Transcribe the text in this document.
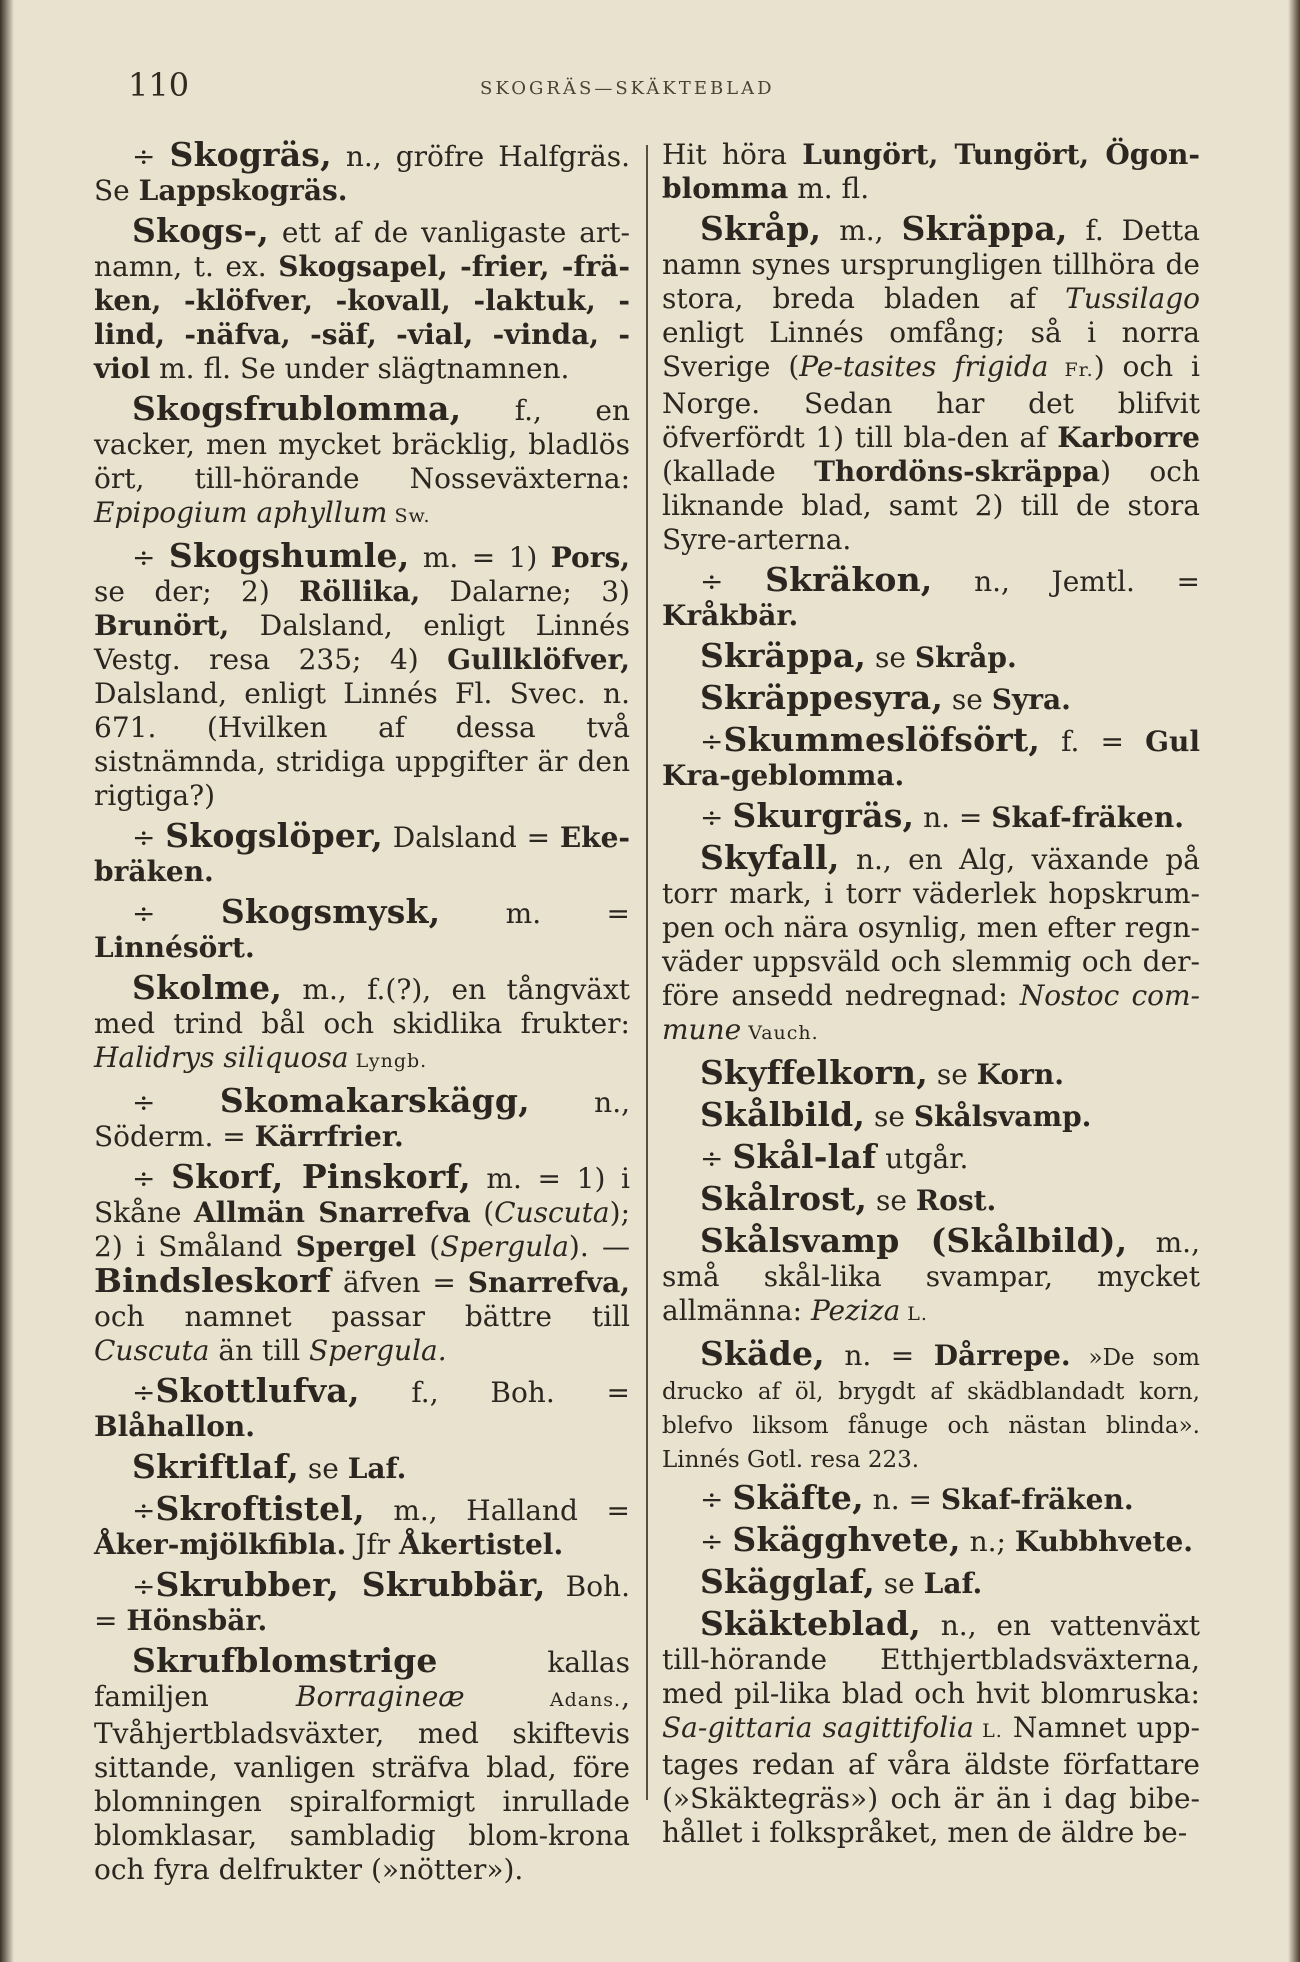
110	SKOGRÄS—SKÄKTEBLAD

÷ Skogräs, n., gröfre Halfgräs. Se Lappskogräs.

Skogs-, ett af de vanligaste art-namn, t. ex. Skogsapel, -frier, -frä-ken, -klöfver, -kovall, -laktuk, -lind, -näfva, -säf, -vial, -vinda, -viol m. fl. Se under slägtnamnen.

Skogsfrublomma, f., en vacker, men mycket bräcklig, bladlös ört, till-hörande Nosseväxterna: Epipogium aphyllum Sw.

÷ Skogshumle, m. = 1) Pors, se der; 2) Röllika, Dalarne; 3) Brunört, Dalsland, enligt Linnés Vestg. resa 235; 4) Gullklöfver, Dalsland, enligt Linnés Fl. Svec. n. 671. (Hvilken af dessa två sistnämnda, stridiga uppgifter är den rigtiga?)

÷ Skogslöper, Dalsland = Eke-bräken.

÷ Skogsmysk, m. = Linnésört.

Skolme, m., f.(?), en tångväxt med trind bål och skidlika frukter: Halidrys siliquosa Lyngb.

÷ Skomakarskägg, n., Söderm. = Kärrfrier.

÷ Skorf, Pinskorf, m. = 1) i Skåne Allmän Snarrefva (Cuscuta); 2) i Småland Spergel (Spergula). — Bindsleskorf äfven = Snarrefva, och namnet passar bättre till Cuscuta än till Spergula.

÷Skottlufva, f., Boh. = Blåhallon.

Skriftlaf, se Laf.

÷Skroftistel, m., Halland = Åker-mjölkfibla. Jfr Åkertistel.

÷Skrubber, Skrubbär, Boh. = Hönsbär.

Skrufblomstrige kallas familjen Borragineæ Adans., Tvåhjertbladsväxter, med skiftevis sittande, vanligen sträfva blad, före blomningen spiralformigt inrullade blomklasar, sambladig blom-krona och fyra delfrukter (»nötter»).

Hit höra Lungört, Tungört, Ögon-blomma m. fl.

Skråp, m., Skräppa, f. Detta namn synes ursprungligen tillhöra de stora, breda bladen af Tussilago enligt Linnés omfång; så i norra Sverige (Pe-tasites frigida Fr.) och i Norge. Sedan har det blifvit öfverfördt 1) till bla-den af Karborre (kallade Thordöns-skräppa) och liknande blad, samt 2) till de stora Syre-arterna.

÷ Skräkon, n., Jemtl. = Kråkbär.

Skräppa, se Skråp.

Skräppesyra, se Syra.

÷Skummeslöfsört, f. = Gul Kra-geblomma.

÷ Skurgräs, n. = Skaf-fräken.

Skyfall, n., en Alg, växande på torr mark, i torr väderlek hopskrum-pen och nära osynlig, men efter regn-väder uppsväld och slemmig och der-före ansedd nedregnad: Nostoc com-mune Vauch.

Skyffelkorn, se Korn.

Skålbild, se Skålsvamp.

÷ Skål-laf utgår.

Skålrost, se Rost.

Skålsvamp (Skålbild), m., små skål-lika svampar, mycket allmänna: Peziza L.

Skäde, n. = Dårrepe. »De som drucko af öl, brygdt af skädblandadt korn, blefvo liksom fånuge och nästan blinda». Linnés Gotl. resa 223.

÷ Skäfte, n. = Skaf-fräken.

÷ Skägghvete, n.; Kubbhvete.

Skägglaf, se Laf.

Skäkteblad, n., en vattenväxt till-hörande Etthjertbladsväxterna, med pil-lika blad och hvit blomruska: Sa-gittaria sagittifolia L. Namnet upp-tages redan af våra äldste författare (»Skäktegräs») och är än i dag bibe-hållet i folkspråket, men de äldre be-
